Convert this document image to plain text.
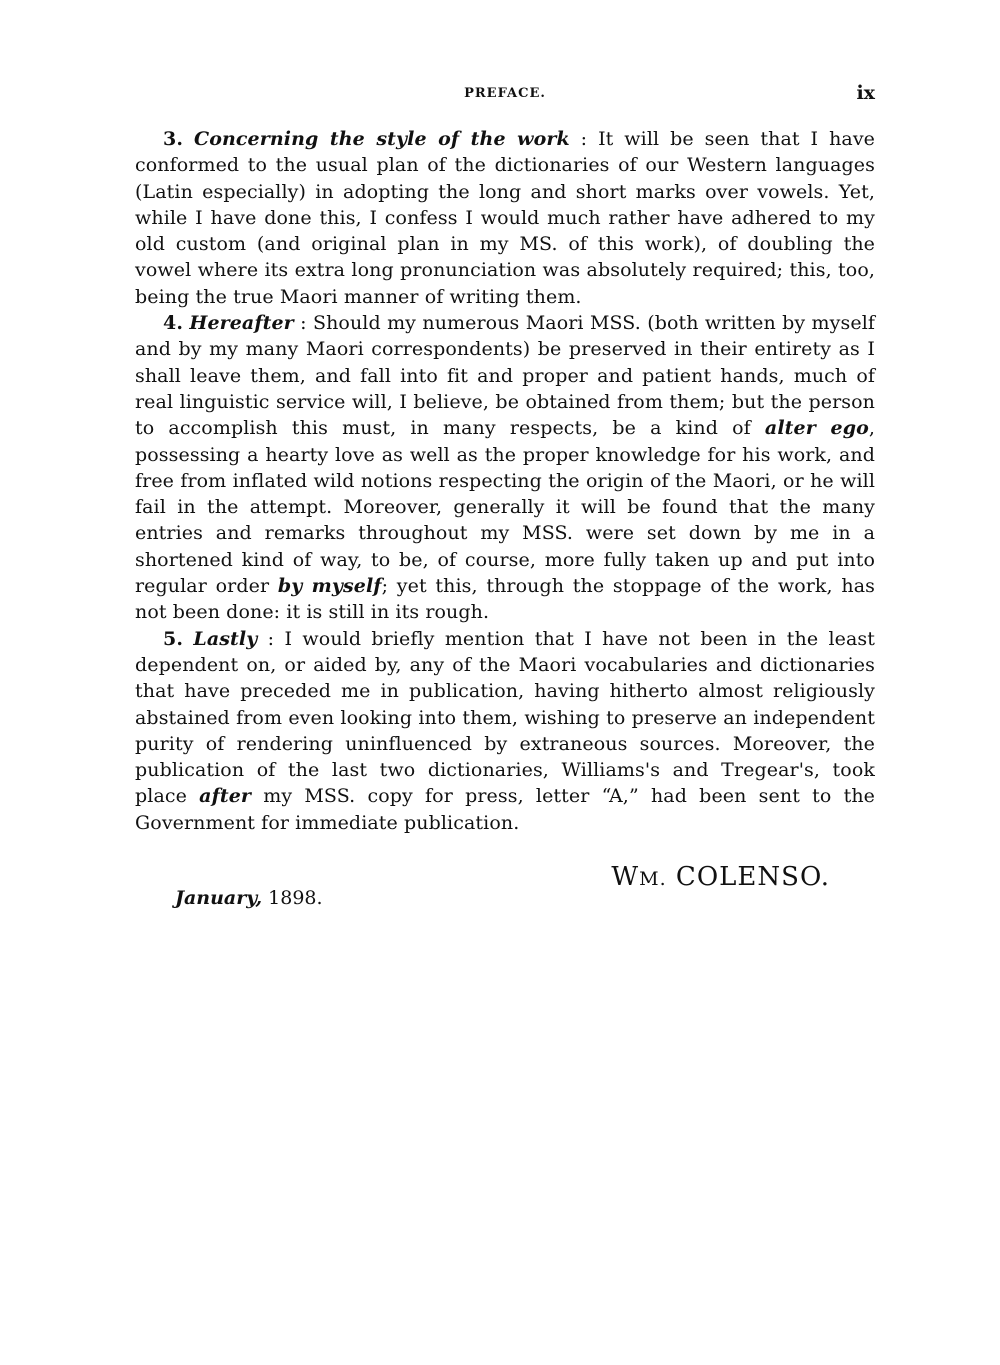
PREFACE.	ix

3. Concerning the style of the work : It will be seen that I have conformed to the usual plan of the dictionaries of our Western languages (Latin especially) in adopting the long and short marks over vowels. Yet, while I have done this, I confess I would much rather have adhered to my old custom (and original plan in my MS. of this work), of doubling the vowel where its extra long pronunciation was absolutely required; this, too, being the true Maori manner of writing them.

4. Hereafter : Should my numerous Maori MSS. (both written by myself and by my many Maori correspondents) be preserved in their entirety as I shall leave them, and fall into fit and proper and patient hands, much of real linguistic service will, I believe, be obtained from them; but the person to accomplish this must, in many respects, be a kind of alter ego, possessing a hearty love as well as the proper knowledge for his work, and free from inflated wild notions respecting the origin of the Maori, or he will fail in the attempt. Moreover, generally it will be found that the many entries and remarks throughout my MSS. were set down by me in a shortened kind of way, to be, of course, more fully taken up and put into regular order by myself; yet this, through the stoppage of the work, has not been done: it is still in its rough.

5. Lastly : I would briefly mention that I have not been in the least dependent on, or aided by, any of the Maori vocabularies and dictionaries that have preceded me in publication, having hitherto almost religiously abstained from even looking into them, wishing to preserve an independent purity of rendering uninfluenced by extraneous sources. Moreover, the publication of the last two dictionaries, Williams's and Tregear's, took place after my MSS. copy for press, letter “A,” had been sent to the Government for immediate publication.

WM. COLENSO.
January, 1898.
